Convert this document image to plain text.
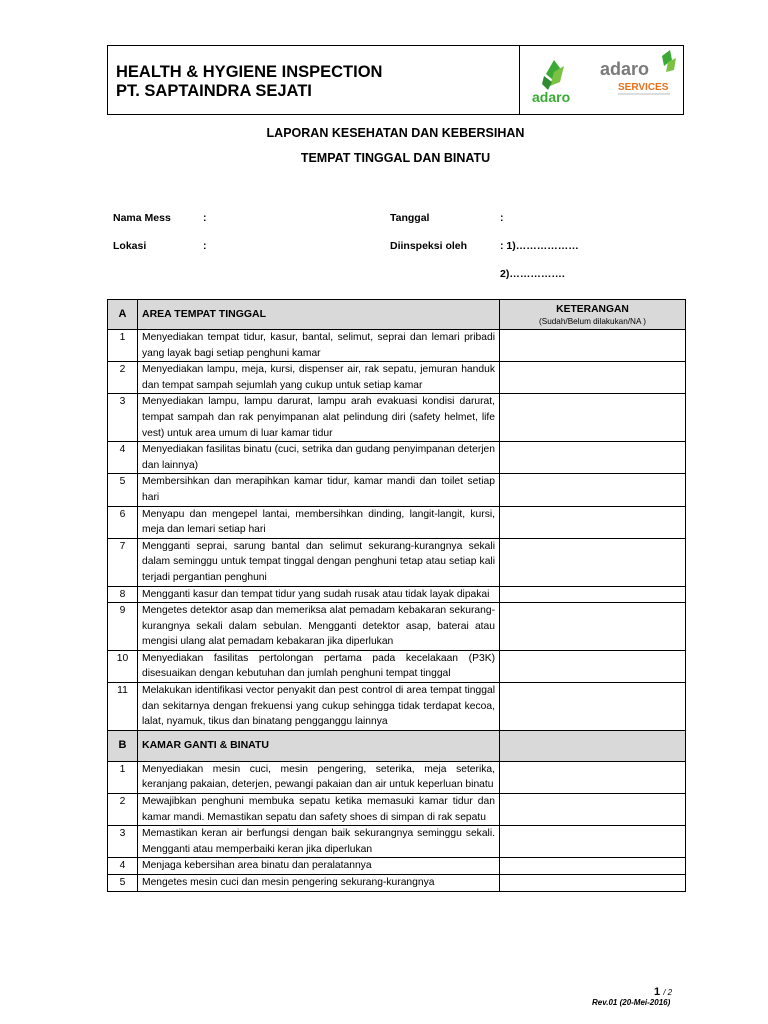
HEALTH & HYGIENE INSPECTION
PT. SAPTAINDRA SEJATI	adaro
adaro
SERVICES
LAPORAN KESEHATAN DAN KEBERSIHAN
TEMPAT TINGGAL DAN BINATU
Nama Mess	:	Tanggal	:
Lokasi	:	Diinspeksi oleh	: 1)………………
2)…………….
A	AREA TEMPAT TINGGAL	KETERANGAN
(Sudah/Belum dilakukan/NA )

1	Menyediakan tempat tidur, kasur, bantal, selimut, seprai dan lemari pribadi yang layak bagi setiap penghuni kamar	
2	Menyediakan lampu, meja, kursi, dispenser air, rak sepatu, jemuran handuk dan tempat sampah sejumlah yang cukup untuk setiap kamar	
3	Menyediakan lampu, lampu darurat, lampu arah evakuasi kondisi darurat, tempat sampah dan rak penyimpanan alat pelindung diri (safety helmet, life vest) untuk area umum di luar kamar tidur	
4	Menyediakan fasilitas binatu (cuci, setrika dan gudang penyimpanan deterjen dan lainnya)	
5	Membersihkan dan merapihkan kamar tidur, kamar mandi dan toilet setiap hari	
6	Menyapu dan mengepel lantai, membersihkan dinding, langit-langit, kursi, meja dan lemari setiap hari	
7	Mengganti seprai, sarung bantal dan selimut sekurang-kurangnya sekali dalam seminggu untuk tempat tinggal dengan penghuni tetap atau setiap kali terjadi pergantian penghuni	
8	Mengganti kasur dan tempat tidur yang sudah rusak atau tidak layak dipakai	
9	Mengetes detektor asap dan memeriksa alat pemadam kebakaran sekurang-kurangnya sekali dalam sebulan. Mengganti detektor asap, baterai atau mengisi ulang alat pemadam kebakaran jika diperlukan	
10	Menyediakan fasilitas pertolongan pertama pada kecelakaan (P3K) disesuaikan dengan kebutuhan dan jumlah penghuni tempat tinggal	
11	Melakukan identifikasi vector penyakit dan pest control di area tempat tinggal dan sekitarnya dengan frekuensi yang cukup sehingga tidak terdapat kecoa, lalat, nyamuk, tikus dan binatang pengganggu lainnya	
B	KAMAR GANTI & BINATU	
1	Menyediakan mesin cuci, mesin pengering, seterika, meja seterika, keranjang pakaian, deterjen, pewangi pakaian dan air untuk keperluan binatu	
2	Mewajibkan penghuni membuka sepatu ketika memasuki kamar tidur dan kamar mandi. Memastikan sepatu dan safety shoes di simpan di rak sepatu	
3	Memastikan keran air berfungsi dengan baik sekurangnya seminggu sekali. Mengganti atau memperbaiki keran jika diperlukan	
4	Menjaga kebersihan area binatu dan peralatannya	
5	Mengetes mesin cuci dan mesin pengering sekurang-kurangnya	
1 / 2
Rev.01 (20-Mei-2016)
